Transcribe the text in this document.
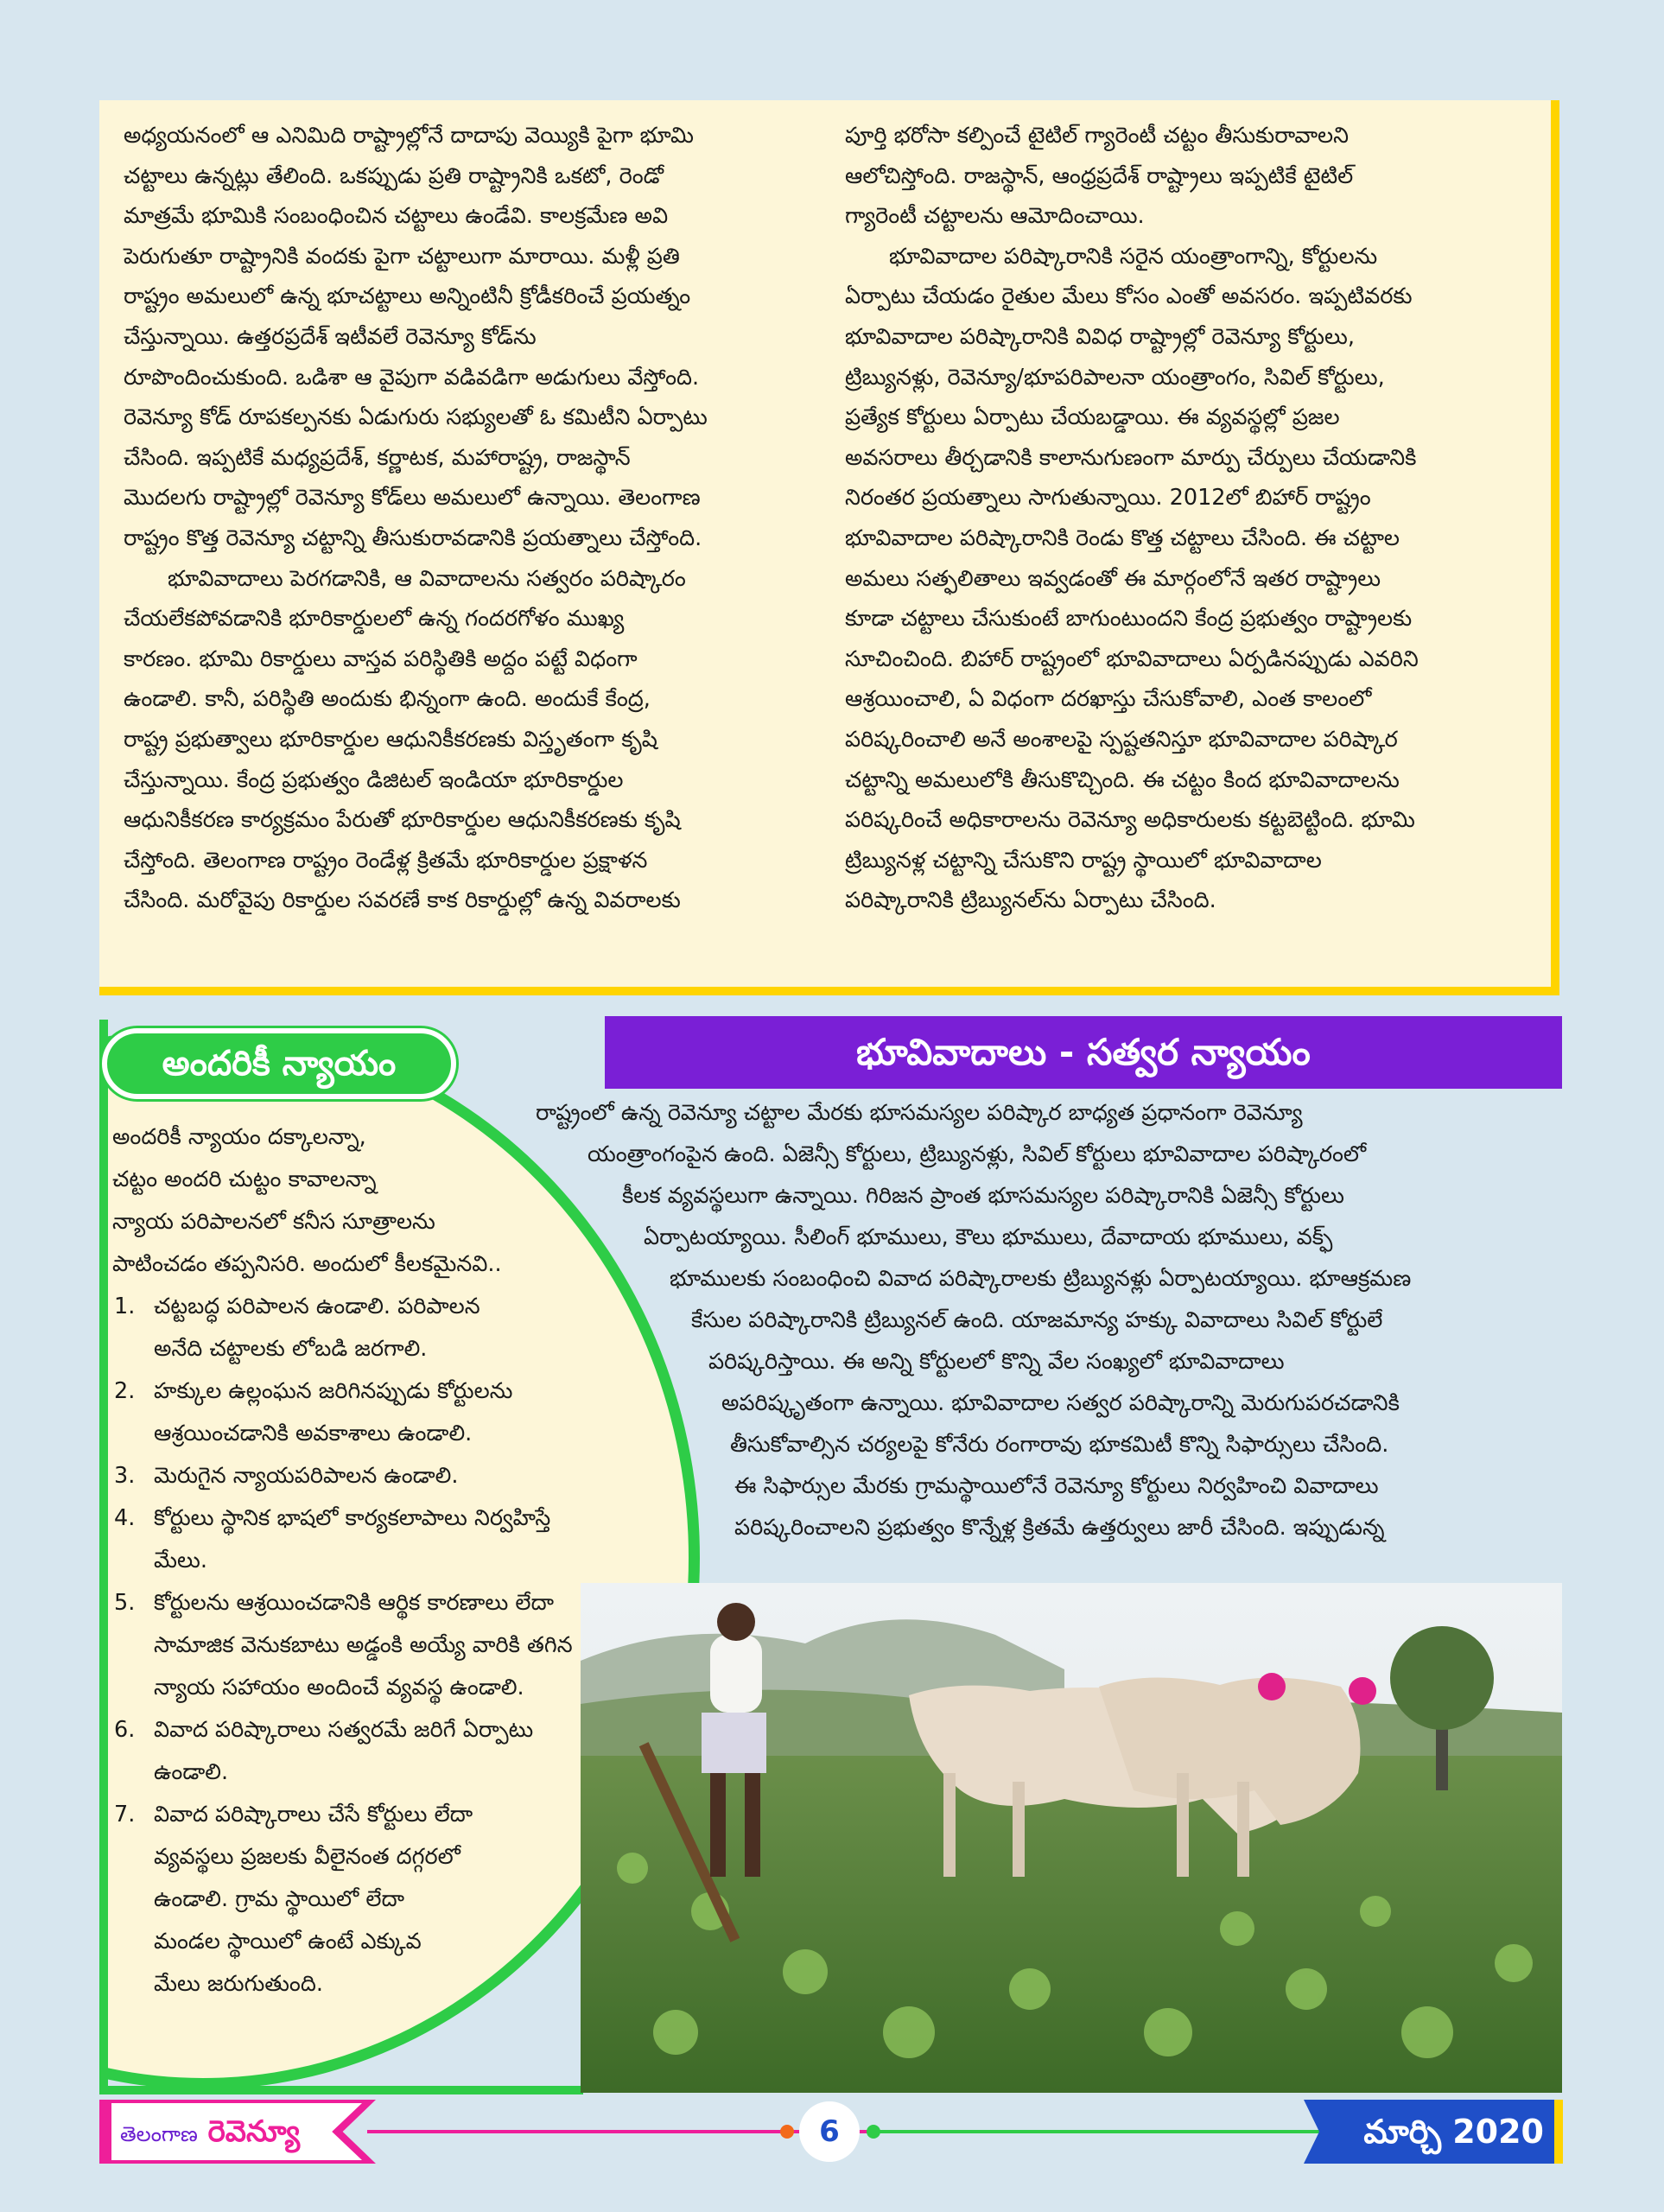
అధ్యయనంలో ఆ ఎనిమిది రాష్ట్రాల్లోనే దాదాపు వెయ్యికి పైగా భూమి

చట్టాలు ఉన్నట్లు తేలింది. ఒకప్పుడు ప్రతి రాష్ట్రానికి ఒకటో, రెండో

మాత్రమే భూమికి సంబంధించిన చట్టాలు ఉండేవి. కాలక్రమేణ అవి

పెరుగుతూ రాష్ట్రానికి వందకు పైగా చట్టాలుగా మారాయి. మళ్లీ ప్రతి

రాష్ట్రం అమలులో ఉన్న భూచట్టాలు అన్నింటినీ క్రోడీకరించే ప్రయత్నం

చేస్తున్నాయి. ఉత్తరప్రదేశ్ ఇటీవలే రెవెన్యూ కోడ్‌ను

రూపొందించుకుంది. ఒడిశా ఆ వైపుగా వడివడిగా అడుగులు వేస్తోంది.

రెవెన్యూ కోడ్ రూపకల్పనకు ఏడుగురు సభ్యులతో ఓ కమిటీని ఏర్పాటు

చేసింది. ఇప్పటికే మధ్యప్రదేశ్, కర్ణాటక, మహారాష్ట్ర, రాజస్థాన్

మొదలగు రాష్ట్రాల్లో రెవెన్యూ కోడ్‌లు అమలులో ఉన్నాయి. తెలంగాణ

రాష్ట్రం కొత్త రెవెన్యూ చట్టాన్ని తీసుకురావడానికి ప్రయత్నాలు చేస్తోంది.

  భూవివాదాలు పెరగడానికి, ఆ వివాదాలను సత్వరం పరిష్కారం

చేయలేకపోవడానికి భూరికార్డులలో ఉన్న గందరగోళం ముఖ్య

కారణం. భూమి రికార్డులు వాస్తవ పరిస్థితికి అద్దం పట్టే విధంగా

ఉండాలి. కానీ, పరిస్థితి అందుకు భిన్నంగా ఉంది. అందుకే కేంద్ర,

రాష్ట్ర ప్రభుత్వాలు భూరికార్డుల ఆధునికీకరణకు విస్తృతంగా కృషి

చేస్తున్నాయి. కేంద్ర ప్రభుత్వం డిజిటల్ ఇండియా భూరికార్డుల

ఆధునికీకరణ కార్యక్రమం పేరుతో భూరికార్డుల ఆధునికీకరణకు కృషి

చేస్తోంది. తెలంగాణ రాష్ట్రం రెండేళ్ల క్రితమే భూరికార్డుల ప్రక్షాళన

చేసింది. మరోవైపు రికార్డుల సవరణే కాక రికార్డుల్లో ఉన్న వివరాలకు

పూర్తి భరోసా కల్పించే టైటిల్ గ్యారెంటీ చట్టం తీసుకురావాలని

ఆలోచిస్తోంది. రాజస్థాన్, ఆంధ్రప్రదేశ్ రాష్ట్రాలు ఇప్పటికే టైటిల్

గ్యారెంటీ చట్టాలను ఆమోదించాయి.

  భూవివాదాల పరిష్కారానికి సరైన యంత్రాంగాన్ని, కోర్టులను

ఏర్పాటు చేయడం రైతుల మేలు కోసం ఎంతో అవసరం. ఇప్పటివరకు

భూవివాదాల పరిష్కారానికి వివిధ రాష్ట్రాల్లో రెవెన్యూ కోర్టులు,

ట్రిబ్యునళ్లు, రెవెన్యూ/భూపరిపాలనా యంత్రాంగం, సివిల్ కోర్టులు,

ప్రత్యేక కోర్టులు ఏర్పాటు చేయబడ్డాయి. ఈ వ్యవస్థల్లో ప్రజల

అవసరాలు తీర్చడానికి కాలానుగుణంగా మార్పు చేర్పులు చేయడానికి

నిరంతర ప్రయత్నాలు సాగుతున్నాయి. 2012లో బిహార్ రాష్ట్రం

భూవివాదాల పరిష్కారానికి రెండు కొత్త చట్టాలు చేసింది. ఈ చట్టాల

అమలు సత్ఫలితాలు ఇవ్వడంతో ఈ మార్గంలోనే ఇతర రాష్ట్రాలు

కూడా చట్టాలు చేసుకుంటే బాగుంటుందని కేంద్ర ప్రభుత్వం రాష్ట్రాలకు

సూచించింది. బిహార్ రాష్ట్రంలో భూవివాదాలు ఏర్పడినప్పుడు ఎవరిని

ఆశ్రయించాలి, ఏ విధంగా దరఖాస్తు చేసుకోవాలి, ఎంత కాలంలో

పరిష్కరించాలి అనే అంశాలపై స్పష్టతనిస్తూ భూవివాదాల పరిష్కార

చట్టాన్ని అమలులోకి తీసుకొచ్చింది. ఈ చట్టం కింద భూవివాదాలను

పరిష్కరించే అధికారాలను రెవెన్యూ అధికారులకు కట్టబెట్టింది. భూమి

ట్రిబ్యునళ్ల చట్టాన్ని చేసుకొని రాష్ట్ర స్థాయిలో భూవివాదాల

పరిష్కారానికి ట్రిబ్యునల్‌ను ఏర్పాటు చేసింది.

అందరికీ న్యాయం

అందరికీ న్యాయం దక్కాలన్నా,

చట్టం అందరి చుట్టం కావాలన్నా

న్యాయ పరిపాలనలో కనీస సూత్రాలను

పాటించడం తప్పనిసరి. అందులో కీలకమైనవి..

1. చట్టబద్ధ పరిపాలన ఉండాలి. పరిపాలన
అనేది చట్టాలకు లోబడి జరగాలి.
2. హక్కుల ఉల్లంఘన జరిగినప్పుడు కోర్టులను
ఆశ్రయించడానికి అవకాశాలు ఉండాలి.
3. మెరుగైన న్యాయపరిపాలన ఉండాలి.
4. కోర్టులు స్థానిక భాషలో కార్యకలాపాలు నిర్వహిస్తే
మేలు.
5. కోర్టులను ఆశ్రయించడానికి ఆర్థిక కారణాలు లేదా
సామాజిక వెనుకబాటు అడ్డంకి అయ్యే వారికి తగిన
న్యాయ సహాయం అందించే వ్యవస్థ ఉండాలి.
6. వివాద పరిష్కారాలు సత్వరమే జరిగే ఏర్పాటు
ఉండాలి.
7. వివాద పరిష్కారాలు చేసే కోర్టులు లేదా
వ్యవస్థలు ప్రజలకు వీలైనంత దగ్గరలో
ఉండాలి. గ్రామ స్థాయిలో లేదా
మండల స్థాయిలో ఉంటే ఎక్కువ
మేలు జరుగుతుంది.
భూవివాదాలు - సత్వర న్యాయం

రాష్ట్రంలో ఉన్న రెవెన్యూ చట్టాల మేరకు భూసమస్యల పరిష్కార బాధ్యత ప్రధానంగా రెవెన్యూ

యంత్రాంగంపైన ఉంది. ఏజెన్సీ కోర్టులు, ట్రిబ్యునళ్లు, సివిల్ కోర్టులు భూవివాదాల పరిష్కారంలో

కీలక వ్యవస్థలుగా ఉన్నాయి. గిరిజన ప్రాంత భూసమస్యల పరిష్కారానికి ఏజెన్సీ కోర్టులు

ఏర్పాటయ్యాయి. సీలింగ్ భూములు, కౌలు భూములు, దేవాదాయ భూములు, వక్ఫ్

భూములకు సంబంధించి వివాద పరిష్కారాలకు ట్రిబ్యునళ్లు ఏర్పాటయ్యాయి. భూఆక్రమణ

కేసుల పరిష్కారానికి ట్రిబ్యునల్ ఉంది. యాజమాన్య హక్కు వివాదాలు సివిల్ కోర్టులే

పరిష్కరిస్తాయి. ఈ అన్ని కోర్టులలో కొన్ని వేల సంఖ్యలో భూవివాదాలు

అపరిష్కృతంగా ఉన్నాయి. భూవివాదాల సత్వర పరిష్కారాన్ని మెరుగుపరచడానికి

తీసుకోవాల్సిన చర్యలపై కోనేరు రంగారావు భూకమిటీ కొన్ని సిఫార్సులు చేసింది.

ఈ సిఫార్సుల మేరకు గ్రామస్థాయిలోనే రెవెన్యూ కోర్టులు నిర్వహించి వివాదాలు

పరిష్కరించాలని ప్రభుత్వం కొన్నేళ్ల క్రితమే ఉత్తర్వులు జారీ చేసింది. ఇప్పుడున్న

తెలంగాణ రెవెన్యూ	6	మార్చి 2020
